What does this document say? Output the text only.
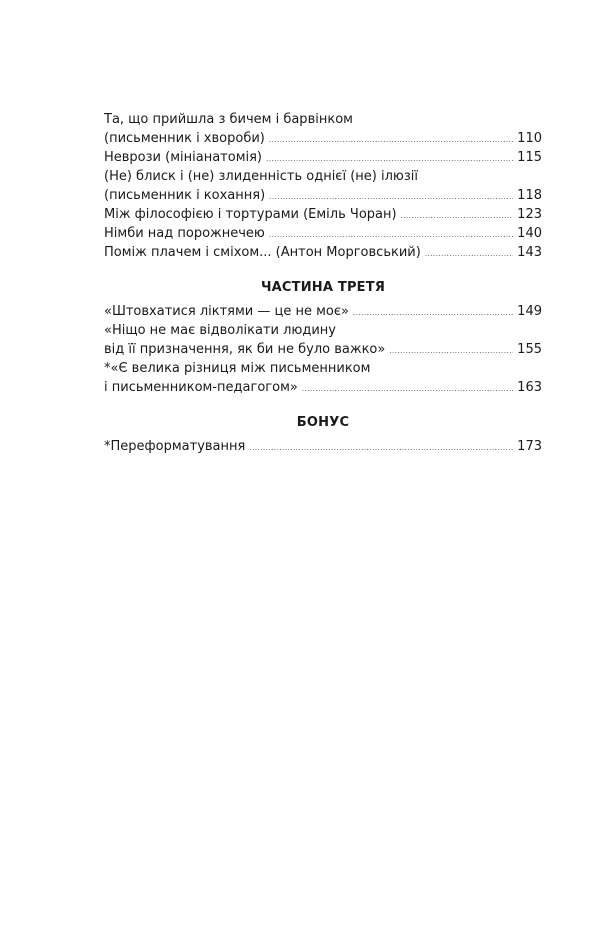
Та, що прийшла з бичем і барвінком
(письменник і хвороби) .....	110
Неврози (мініанатомія) .....	115
(Не) блиск і (не) злиденність однієї (не) ілюзії
(письменник і кохання) .....	118
Між філософією і тортурами (Еміль Чоран) .....	123
Німби над порожнечею .....	140
Поміж плачем і сміхом... (Антон Морговський) .....	143
ЧАСТИНА ТРЕТЯ
«Штовхатися ліктями — це не моє» .....	149
«Ніщо не має відволікати людину
від її призначення, як би не було важко» .....	155
*«Є велика різниця між письменником
і письменником-педагогом» .....	163
БОНУС
*Переформатування .....	173
